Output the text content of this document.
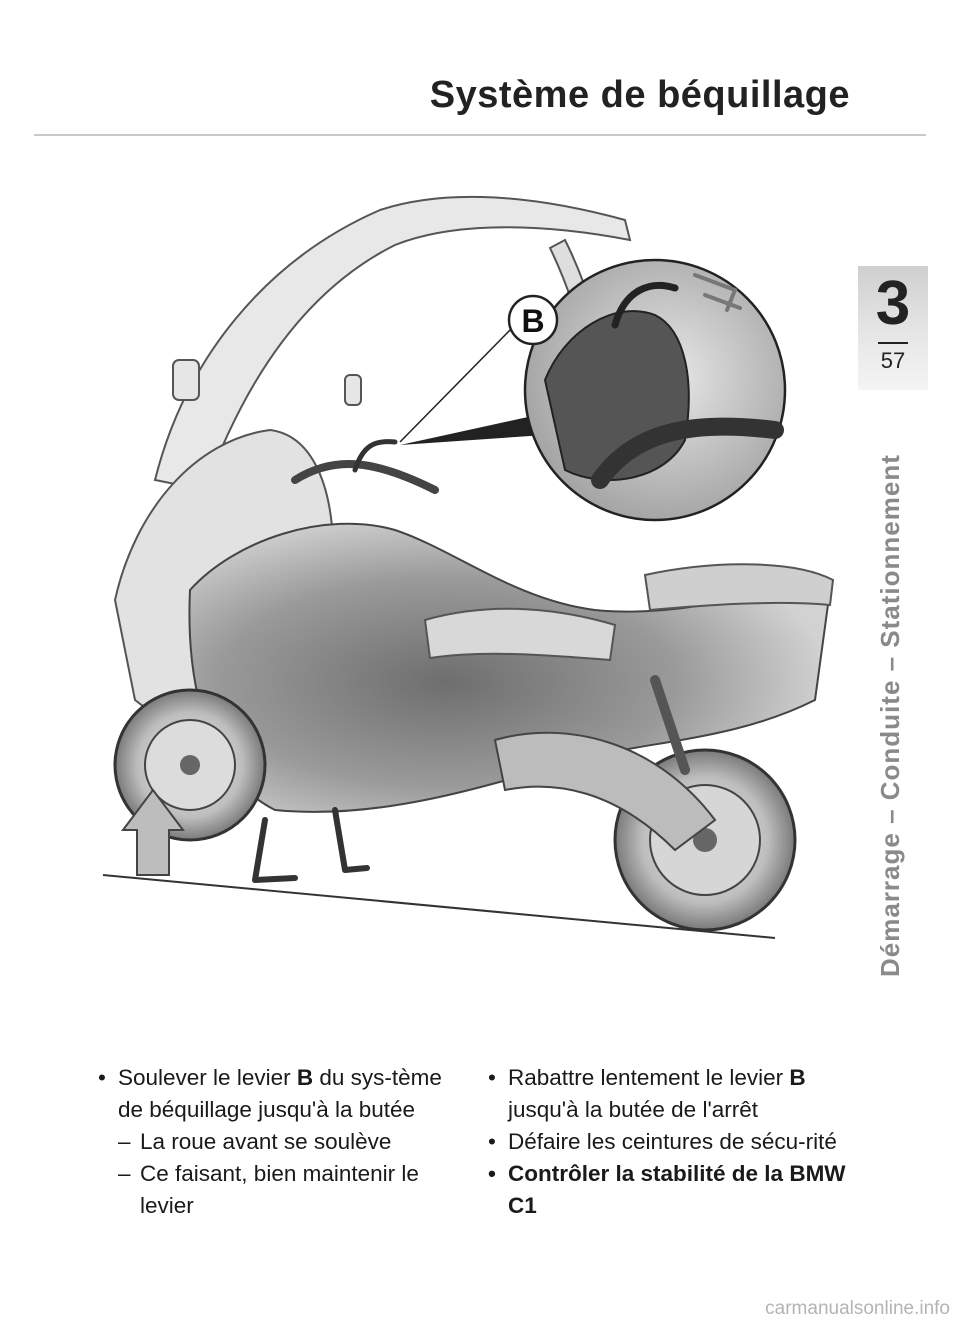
Système de béquillage
3
57
Démarrage – Conduite – Stationnement
B

• Soulever le levier B du sys-tème de béquillage jusqu'à la butée

– La roue avant se soulève

– Ce faisant, bien maintenir le levier

• Rabattre lentement le levier B jusqu'à la butée de l'arrêt

• Défaire les ceintures de sécu-rité

• Contrôler la stabilité de la BMW C1

carmanualsonline.info
